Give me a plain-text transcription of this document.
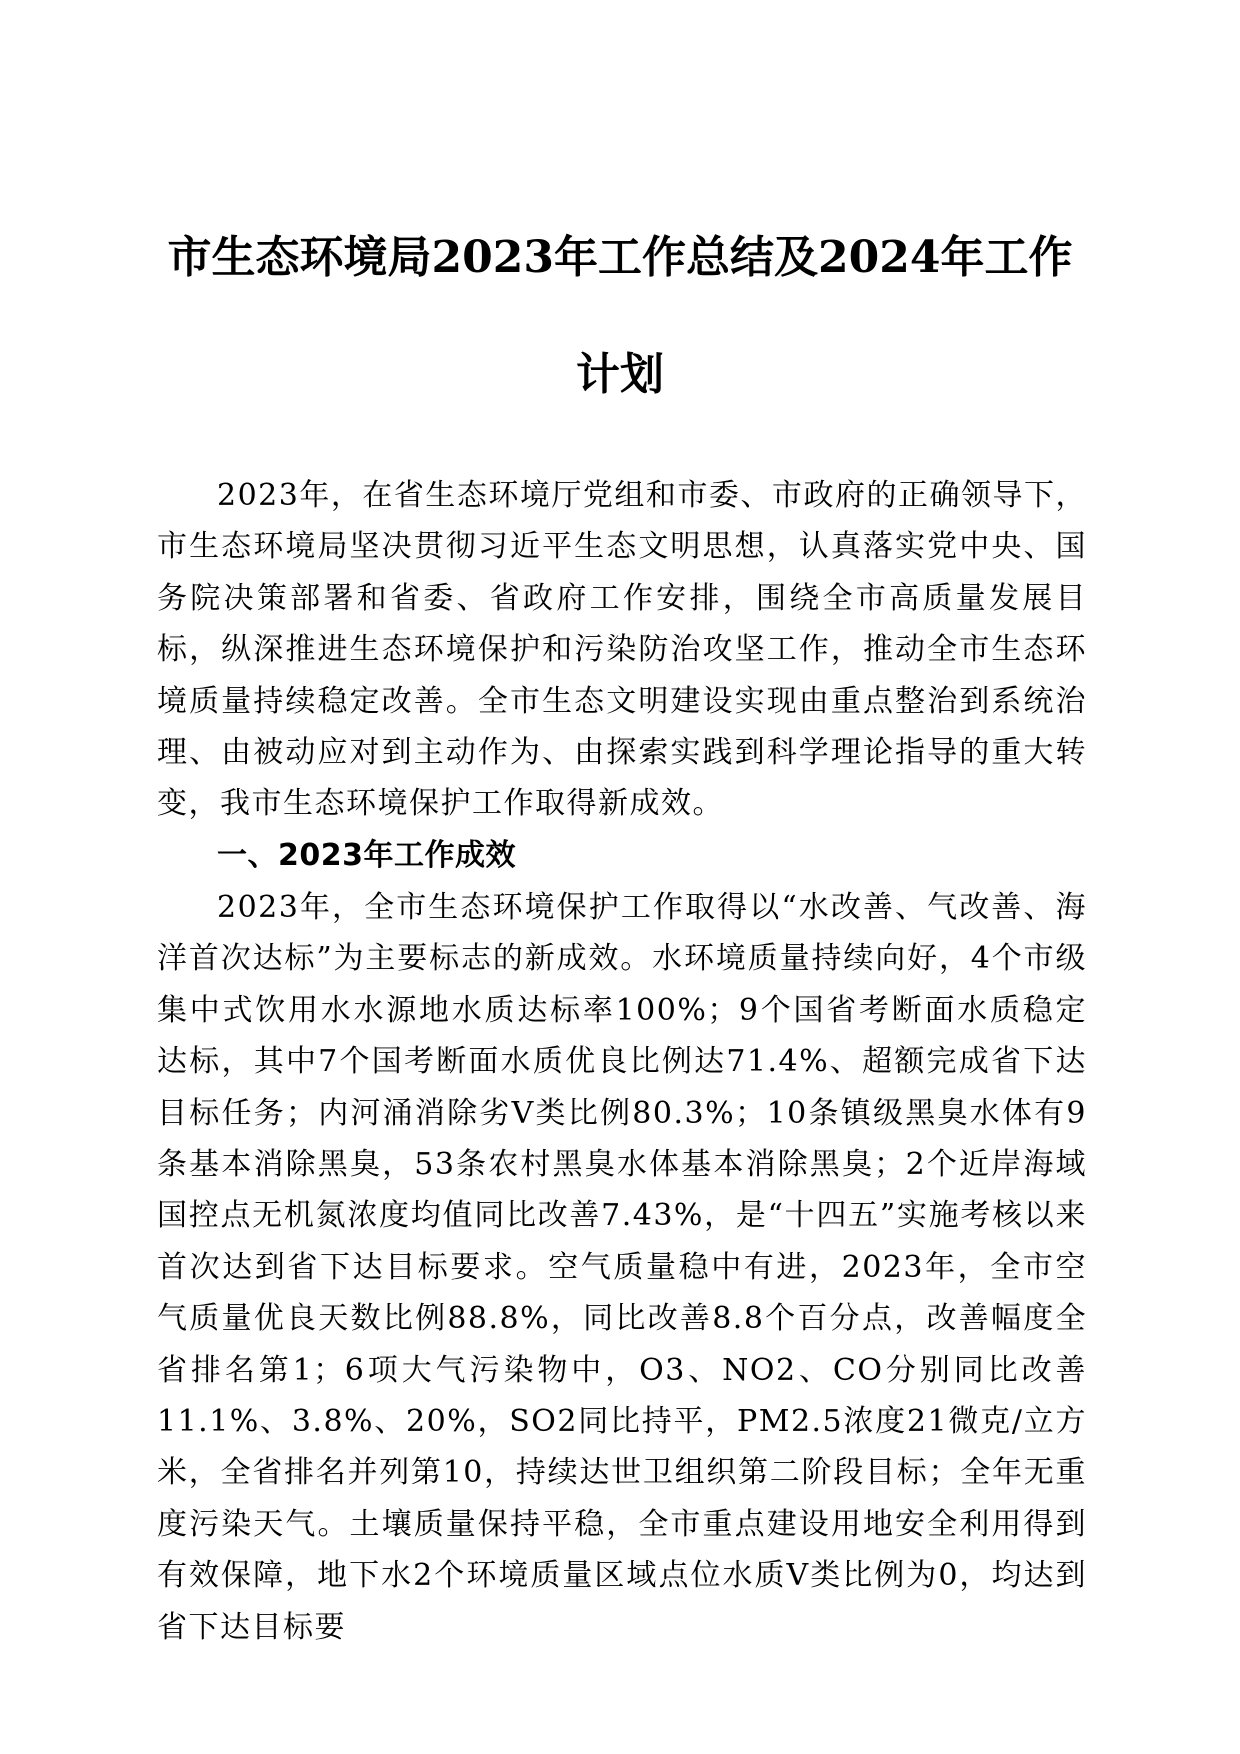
市生态环境局2023年工作总结及2024年工作
计划

2023年，在省生态环境厅党组和市委、市政府的正确领导下，市生态环境局坚决贯彻习近平生态文明思想，认真落实党中央、国务院决策部署和省委、省政府工作安排，围绕全市高质量发展目标，纵深推进生态环境保护和污染防治攻坚工作，推动全市生态环境质量持续稳定改善。全市生态文明建设实现由重点整治到系统治理、由被动应对到主动作为、由探索实践到科学理论指导的重大转变，我市生态环境保护工作取得新成效。

一、2023年工作成效

2023年，全市生态环境保护工作取得以“水改善、气改善、海洋首次达标”为主要标志的新成效。水环境质量持续向好，4个市级集中式饮用水水源地水质达标率100%；9个国省考断面水质稳定达标，其中7个国考断面水质优良比例达71.4%、超额完成省下达目标任务；内河涌消除劣Ⅴ类比例80.3%；10条镇级黑臭水体有9条基本消除黑臭，53条农村黑臭水体基本消除黑臭；2个近岸海域国控点无机氮浓度均值同比改善7.43%，是“十四五”实施考核以来首次达到省下达目标要求。空气质量稳中有进，2023年，全市空气质量优良天数比例88.8%，同比改善8.8个百分点，改善幅度全省排名第1；6项大气污染物中，O3、NO2、CO分别同比改善11.1%、3.8%、20%，SO2同比持平，PM2.5浓度21微克/立方米，全省排名并列第10，持续达世卫组织第二阶段目标；全年无重度污染天气。土壤质量保持平稳，全市重点建设用地安全利用得到有效保障，地下水2个环境质量区域点位水质Ⅴ类比例为0，均达到省下达目标要
